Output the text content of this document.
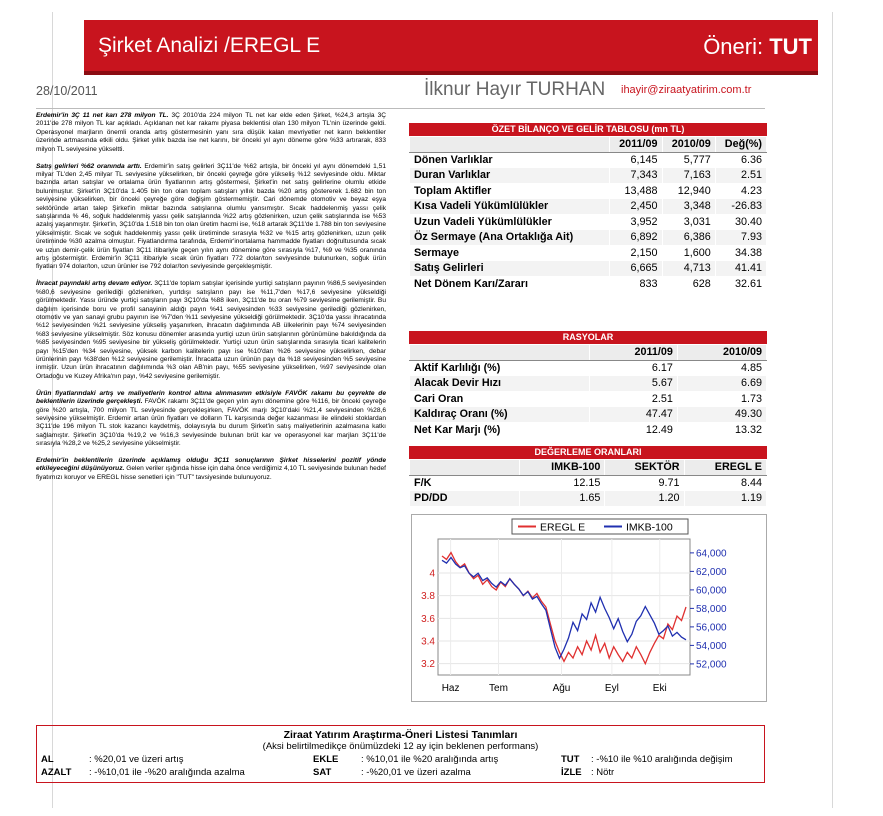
Şirket Analizi /EREGL E	Öneri: TUT
28/10/2011	İlknur Hayır TURHAN ihayir@ziraatyatirim.com.tr

Erdemir'in 3Ç 11 net karı 278 milyon TL. 3Ç 2010'da 224 milyon TL net kar elde eden Şirket, %24,3 artışla 3Ç 2011'de 278 milyon TL kar açıkladı. Açıklanan net kar rakamı piyasa beklentisi olan 130 milyon TL'nin üzerinde geldi. Operasyonel marjların önemli oranda artış göstermesinin yanı sıra düşük kalan mevriyetler net karın beklentiler üzerinde artmasında etkili oldu. Şirket yıllık bazda ise net karını, bir önceki yıl aynı döneme göre %33 artırarak, 833 milyon TL seviyesine yükseltti.

Satış gelirleri %62 oranında arttı. Erdemir'in satış gelirleri 3Ç11'de %62 artışla, bir önceki yıl aynı dönemdeki 1,51 milyar TL'den 2,45 milyar TL seviyesine yükselirken, bir önceki çeyreğe göre yükseliş %12 seviyesinde oldu. Miktar bazında artan satışlar ve ortalama ürün fiyatlarının artış göstermesi, Şirket'in net satış gelirlerine olumlu etkide bulunmuştur. Şirket'in 3Ç10'da 1.405 bin ton olan toplam satışları yıllık bazda %20 artış göstererek 1.682 bin ton seviyesine yükselirken, bir önceki çeyreğe göre değişim göstermemiştir. Cari dönemde otomotiv ve beyaz eşya sektöründe artan talep Şirket'in miktar bazında satışlarına olumlu yansımıştır. Sıcak haddelenmiş yassı çelik satışlarında % 46, soğuk haddelenmiş yassı çelik satışlarında %22 artış gözlenirken, uzun çelik satışlarında ise %53 azalış yaşanmıştır. Şirket'in, 3Ç10'da 1.518 bin ton olan üretim hacmi ise, %18 artarak 3Ç11'de 1.788 bin ton seviyesine yükselmiştir. Sıcak ve soğuk haddelenmiş yassı çelik üretiminde sırasıyla %32 ve %15 artış gözlenirken, uzun çelik üretiminde %30 azalma olmuştur. Fiyatlandırma tarafında, Erdemir'inortalama hammadde fiyatları doğrultusunda sıcak ve uzun demir-çelik ürün fiyatları 3Ç11 itibariyle geçen yılın aynı dönemine göre sırasıyla %17, %9 ve %35 oranında artış göstermiştir. Erdemir'in 3Ç11 itibariyle sıcak ürün fiyatları 772 dolar/ton seviyesinde bulunurken, soğuk ürün fiyatları 974 dolar/ton, uzun ürünler ise 792 dolar/ton seviyesinde gerçekleşmiştir.

İhracat payındaki artış devam ediyor. 3Ç11'de toplam satışlar içerisinde yurtiçi satışların payının %86,5 seviyesinden %80,6 seviyesine gerilediği gözlenirken, yurtdışı satışların payı ise %11,7'den %17,6 seviyesine yükseldiği görülmektedir. Yassı üründe yurtiçi satışların payı 3Ç10'da %88 iken, 3Ç11'de bu oran %79 seviyesine gerilemiştir. Bu dağılım içerisinde boru ve profil sanayinin aldığı payın %41 seviyesinden %33 seviyesine gerilediği gözlenirken, otomotiv ve yan sanayi grubu payının ise %7'den %11 seviyesine yükseldiği görülmektedir. 3Ç10'da yassı ihracatında %12 seviyesinden %21 seviyesine yükseliş yaşanırken, ihracatın dağılımında AB ülkelerinin payı %74 seviyesinden %83 seviyesine yükselmiştir. Söz konusu dönemler arasında yurtiçi uzun ürün satışlarının görünümüne bakıldığında da %85 seviyesinden %95 seviyesine bir yükseliş görülmektedir. Yurtiçi uzun ürün satışlarında sırasıyla ticari kalitelerin payı %15'den %34 seviyesine, yüksek karbon kalitelerin payı ise %10'dan %26 seviyesine yükselirken, debar ürünlerinin payı %38'den %12 seviyesine gerilemiştir. İhracatta uzun ürünün payı da %18 seviyesinden %5 seviyesine inmiştir. Uzun ürün ihracatının dağılımında %3 olan AB'nin payı, %55 seviyesine yükselirken, %97 seviyesinde olan Ortadoğu ve Kuzey Afrika'nın payı, %42 seviyesine gerilemiştir.

Ürün fiyatlarındaki artış ve maliyetlerin kontrol altına alınmasının etkisiyle FAVÖK rakamı bu çeyrekte de beklentilerin üzerinde gerçekleşti. FAVÖK rakamı 3Ç11'de geçen yılın aynı dönemine göre %116, bir önceki çeyreğe göre %20 artışla, 700 milyon TL seviyesinde gerçekleşirken, FAVÖK marjı 3Ç10'daki %21,4 seviyesinden %28,6 seviyesine yükselmiştir. Erdemir artan ürün fiyatları ve dolların TL karşısında değer kazanması ile elindeki stoklardan 3Ç11'de 196 milyon TL stok kazancı kaydetmiş, dolayısıyla bu durum Şirket'in satış maliyetlerinin azalmasına katkı sağlamıştır. Şirket'in 3Ç10'da %19,2 ve %16,3 seviyesinde bulunan brüt kar ve operasyonel kar marjları 3Ç11'de sırasıyla %28,2 ve %25,2 seviyesine yükselmiştir.

Erdemir'in beklentilerin üzerinde açıklamış olduğu 3Ç11 sonuçlarının Şirket hisselerini pozitif yönde etkileyeceğini düşünüyoruz. Gelen veriler ışığında hisse için daha önce verdiğimiz 4,10 TL seviyesinde bulunan hedef fiyatımızı koruyor ve EREGL hisse senetleri için "TUT" tavsiyesinde bulunuyoruz.

ÖZET BİLANÇO VE GELİR TABLOSU (mn TL)
	2011/09	2010/09	Değ(%)
Dönen Varlıklar	6,145	5,777	6.36
Duran Varlıklar	7,343	7,163	2.51
Toplam Aktifler	13,488	12,940	4.23
Kısa Vadeli Yükümlülükler	2,450	3,348	-26.83
Uzun Vadeli Yükümlülükler	3,952	3,031	30.40
Öz Sermaye (Ana Ortaklığa Ait)	6,892	6,386	7.93
Sermaye	2,150	1,600	34.38
Satış Gelirleri	6,665	4,713	41.41
Net Dönem Karı/Zararı	833	628	32.61
RASYOLAR
	2011/09	2010/09
Aktif Karlılığı (%)	6.17	4.85
Alacak Devir Hızı	5.67	6.69
Cari Oran	2.51	1.73
Kaldıraç Oranı (%)	47.47	49.30
Net Kar Marjı (%)	12.49	13.32
DEĞERLEME ORANLARI
	IMKB-100	SEKTÖR	EREGL E
F/K	12.15	9.71	8.44
PD/DD	1.65	1.20	1.19
3.2
3.4
3.6
3.8
4
52,000
54,000
56,000
58,000
60,000
62,000
64,000
Haz	Tem	Ağu	Eyl	Eki
EREGL E	IMKB-100
Ziraat Yatırım Araştırma-Öneri Listesi Tanımları
(Aksi belirtilmedikçe önümüzdeki 12 ay için beklenen performans)
AL	: %20,01 ve üzeri artış	EKLE : %10,01 ile %20 aralığında artış	TUT : -%10 ile %10 aralığında değişim
AZALT : -%10,01 ile -%20 aralığında azalma	SAT	: -%20,01 ve üzeri azalma	İZLE : Nötr
